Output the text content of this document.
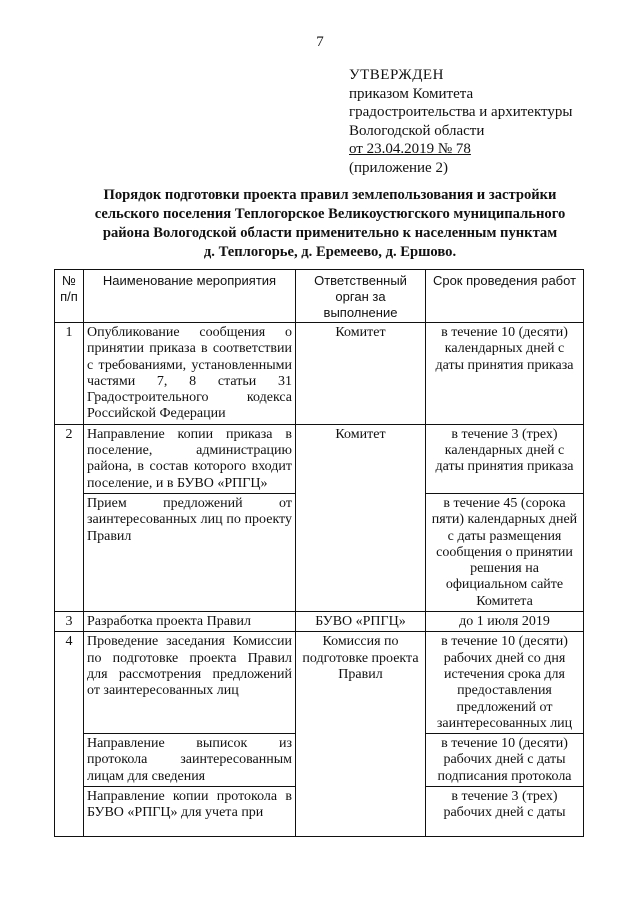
7
УТВЕРЖДЕН
приказом Комитета
градостроительства и архитектуры
Вологодской области
от 23.04.2019 № 78
(приложение 2)
Порядок подготовки проекта правил землепользования и застройки
сельского поселения Теплогорское Великоустюгского муниципального
района Вологодской области применительно к населенным пунктам
д. Теплогорье, д. Еремеево, д. Ершово.
№ п/п	Наименование мероприятия	Ответственный орган за выполнение	Срок проведения работ
1	Опубликование сообщения о принятии приказа в соответствии с требованиями, установленными частями 7, 8 статьи 31 Градостроительного кодекса Российской Федерации	Комитет	в течение 10 (десяти) календарных дней с даты принятия приказа
2	Направление копии приказа в поселение, администрацию района, в состав которого входит поселение, и в БУВО «РПГЦ»	Комитет	в течение 3 (трех) календарных дней с даты принятия приказа
	Прием предложений от заинтересованных лиц по проекту Правил		в течение 45 (сорока пяти) календарных дней с даты размещения сообщения о принятии решения на официальном сайте Комитета
3	Разработка проекта Правил	БУВО «РПГЦ»	до 1 июля 2019
4	Проведение заседания Комиссии по подготовке проекта Правил для рассмотрения предложений от заинтересованных лиц	Комиссия по подготовке проекта Правил	в течение 10 (десяти) рабочих дней со дня истечения срока для предоставления предложений от заинтересованных лиц
	Направление выписок из протокола заинтересованным лицам для сведения		в течение 10 (десяти) рабочих дней с даты подписания протокола

	Направление копии протокола в БУВО «РПГЦ» для учета при		в течение 3 (трех) рабочих дней с даты
